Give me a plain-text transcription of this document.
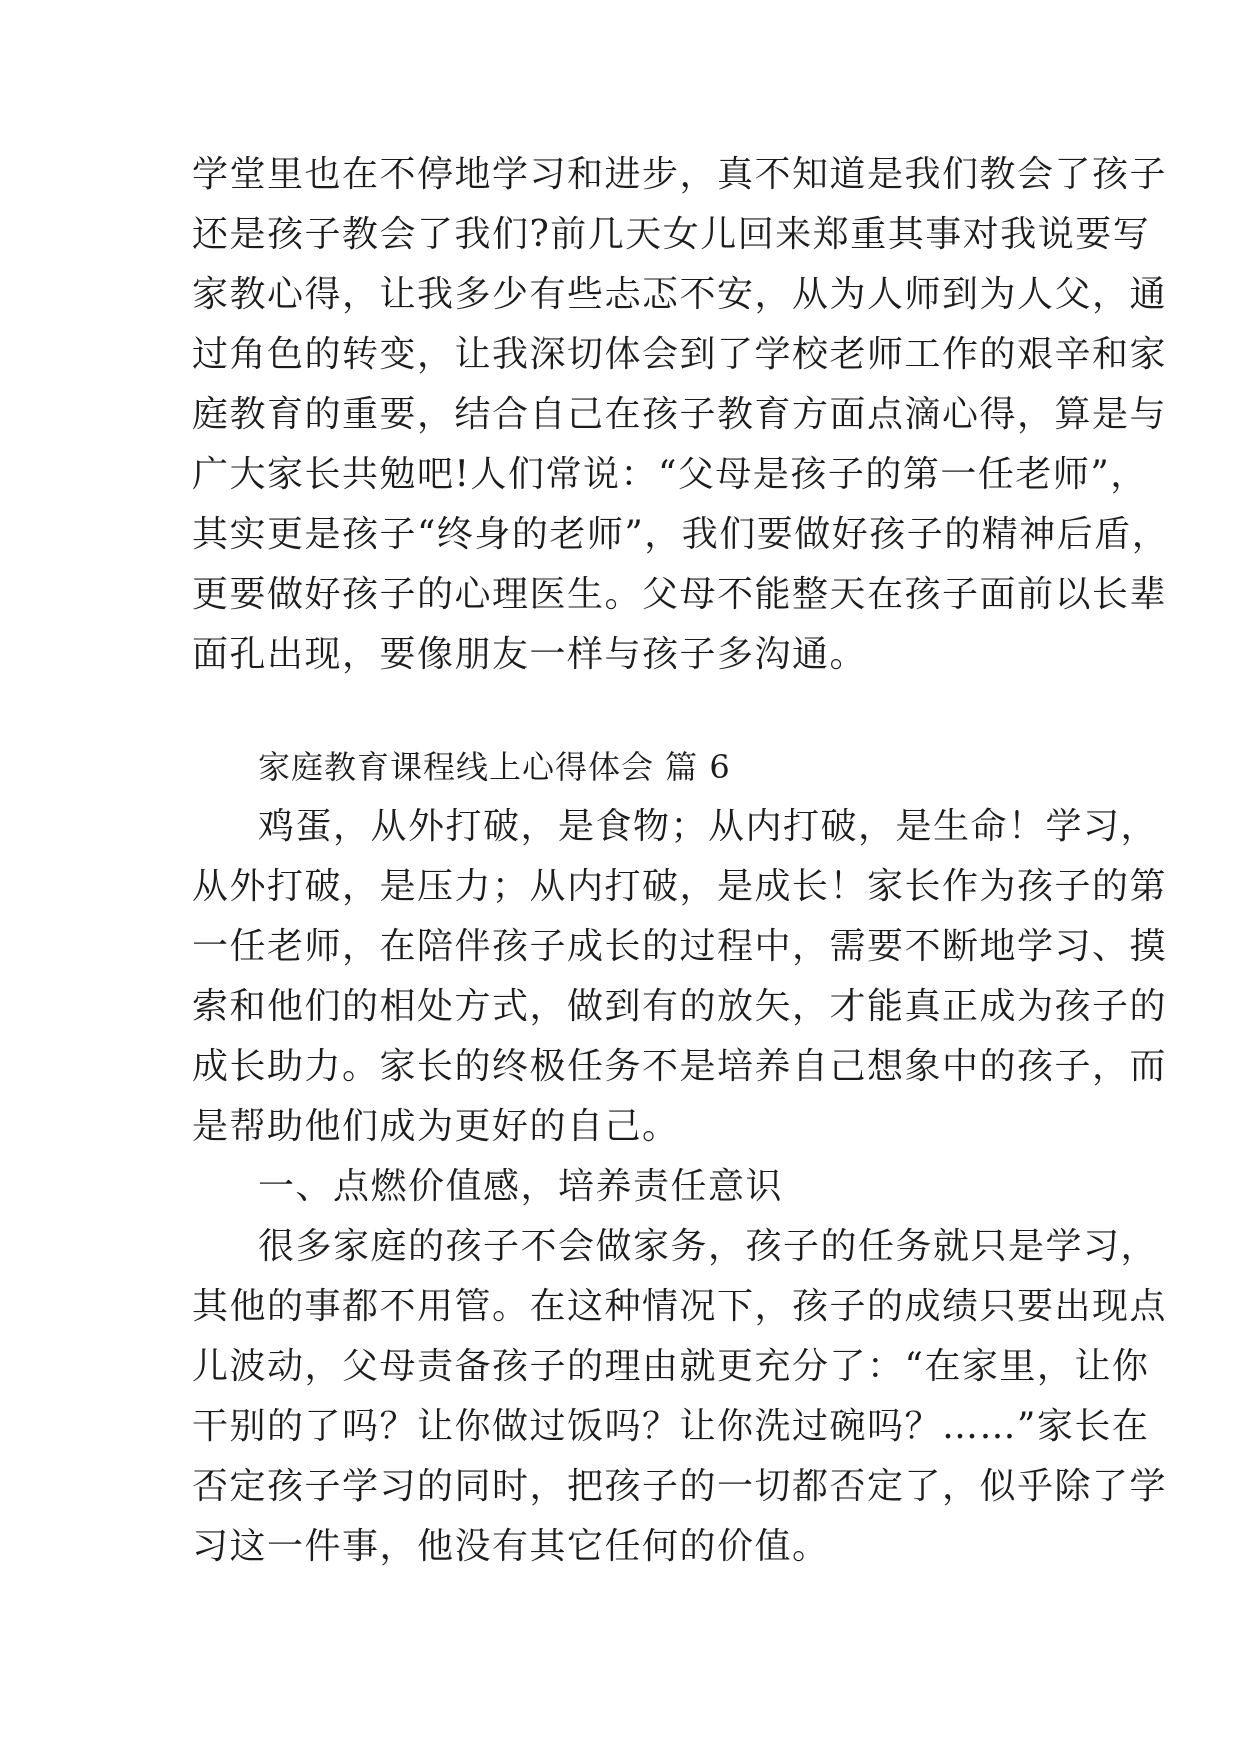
学堂里也在不停地学习和进步，真不知道是我们教会了孩子
还是孩子教会了我们?前几天女儿回来郑重其事对我说要写
家教心得，让我多少有些忐忑不安，从为人师到为人父，通
过角色的转变，让我深切体会到了学校老师工作的艰辛和家
庭教育的重要，结合自己在孩子教育方面点滴心得，算是与
广大家长共勉吧!人们常说：“父母是孩子的第一任老师”，
其实更是孩子“终身的老师”，我们要做好孩子的精神后盾，
更要做好孩子的心理医生。父母不能整天在孩子面前以长辈
面孔出现，要像朋友一样与孩子多沟通。
家庭教育课程线上心得体会 篇 6
鸡蛋，从外打破，是食物；从内打破，是生命！学习，
从外打破，是压力；从内打破，是成长！家长作为孩子的第
一任老师，在陪伴孩子成长的过程中，需要不断地学习、摸
索和他们的相处方式，做到有的放矢，才能真正成为孩子的
成长助力。家长的终极任务不是培养自己想象中的孩子，而
是帮助他们成为更好的自己。
一、点燃价值感，培养责任意识
很多家庭的孩子不会做家务，孩子的任务就只是学习，
其他的事都不用管。在这种情况下，孩子的成绩只要出现点
儿波动，父母责备孩子的理由就更充分了：“在家里，让你
干别的了吗？让你做过饭吗？让你洗过碗吗？……”家长在
否定孩子学习的同时，把孩子的一切都否定了，似乎除了学
习这一件事，他没有其它任何的价值。
